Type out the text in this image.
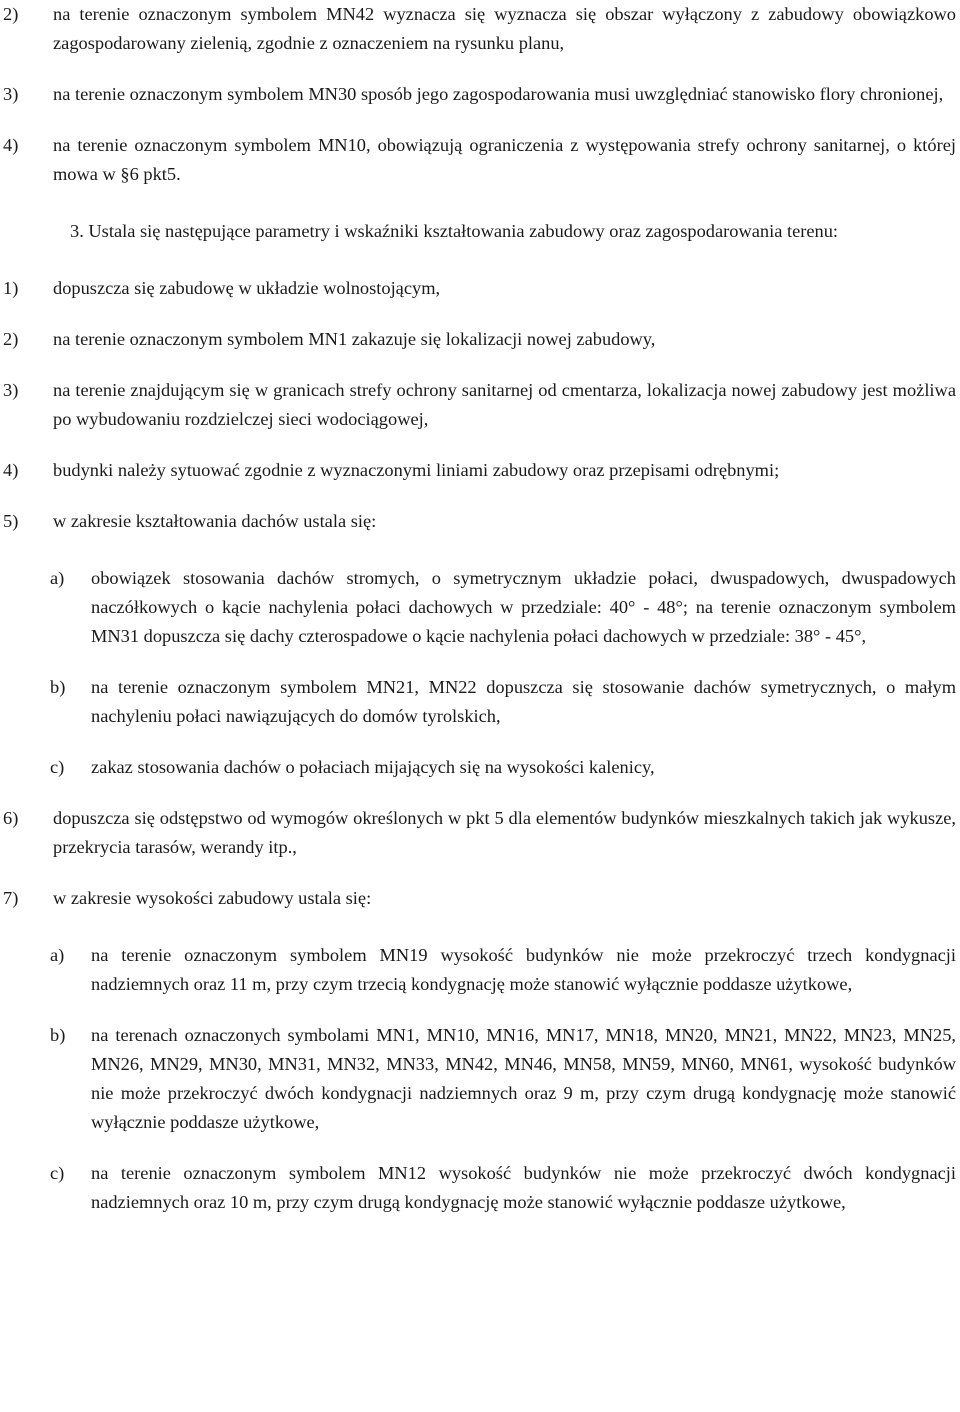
2) na terenie oznaczonym symbolem MN42 wyznacza się wyznacza się obszar wyłączony z zabudowy obowiązkowo zagospodarowany zielenią, zgodnie z oznaczeniem na rysunku planu,
3) na terenie oznaczonym symbolem MN30 sposób jego zagospodarowania musi uwzględniać stanowisko flory chronionej,
4) na terenie oznaczonym symbolem MN10, obowiązują ograniczenia z występowania strefy ochrony sanitarnej, o której mowa w §6 pkt5.
3. Ustala się następujące parametry i wskaźniki kształtowania zabudowy oraz zagospodarowania terenu:
1) dopuszcza się zabudowę w układzie wolnostojącym,
2) na terenie oznaczonym symbolem MN1 zakazuje się lokalizacji nowej zabudowy,
3) na terenie znajdującym się w granicach strefy ochrony sanitarnej od cmentarza, lokalizacja nowej zabudowy jest możliwa po wybudowaniu rozdzielczej sieci wodociągowej,
4) budynki należy sytuować zgodnie z wyznaczonymi liniami zabudowy oraz przepisami odrębnymi;
5) w zakresie kształtowania dachów ustala się:
a) obowiązek stosowania dachów stromych, o symetrycznym układzie połaci, dwuspadowych, dwuspadowych naczółkowych o kącie nachylenia połaci dachowych w przedziale: 40° - 48°; na terenie oznaczonym symbolem MN31 dopuszcza się dachy czterospadowe o kącie nachylenia połaci dachowych w przedziale: 38° - 45°,
b) na terenie oznaczonym symbolem MN21, MN22 dopuszcza się stosowanie dachów symetrycznych, o małym nachyleniu połaci nawiązujących do domów tyrolskich,
c) zakaz stosowania dachów o połaciach mijających się na wysokości kalenicy,
6) dopuszcza się odstępstwo od wymogów określonych w pkt 5 dla elementów budynków mieszkalnych takich jak wykusze, przekrycia tarasów, werandy itp.,
7) w zakresie wysokości zabudowy ustala się:
a) na terenie oznaczonym symbolem MN19 wysokość budynków nie może przekroczyć trzech kondygnacji nadziemnych oraz 11 m, przy czym trzecią kondygnację może stanowić wyłącznie poddasze użytkowe,
b) na terenach oznaczonych symbolami MN1, MN10, MN16, MN17, MN18, MN20, MN21, MN22, MN23, MN25, MN26, MN29, MN30, MN31, MN32, MN33, MN42, MN46, MN58, MN59, MN60, MN61, wysokość budynków nie może przekroczyć dwóch kondygnacji nadziemnych oraz 9 m, przy czym drugą kondygnację może stanowić wyłącznie poddasze użytkowe,
c) na terenie oznaczonym symbolem MN12 wysokość budynków nie może przekroczyć dwóch kondygnacji nadziemnych oraz 10 m, przy czym drugą kondygnację może stanowić wyłącznie poddasze użytkowe,
